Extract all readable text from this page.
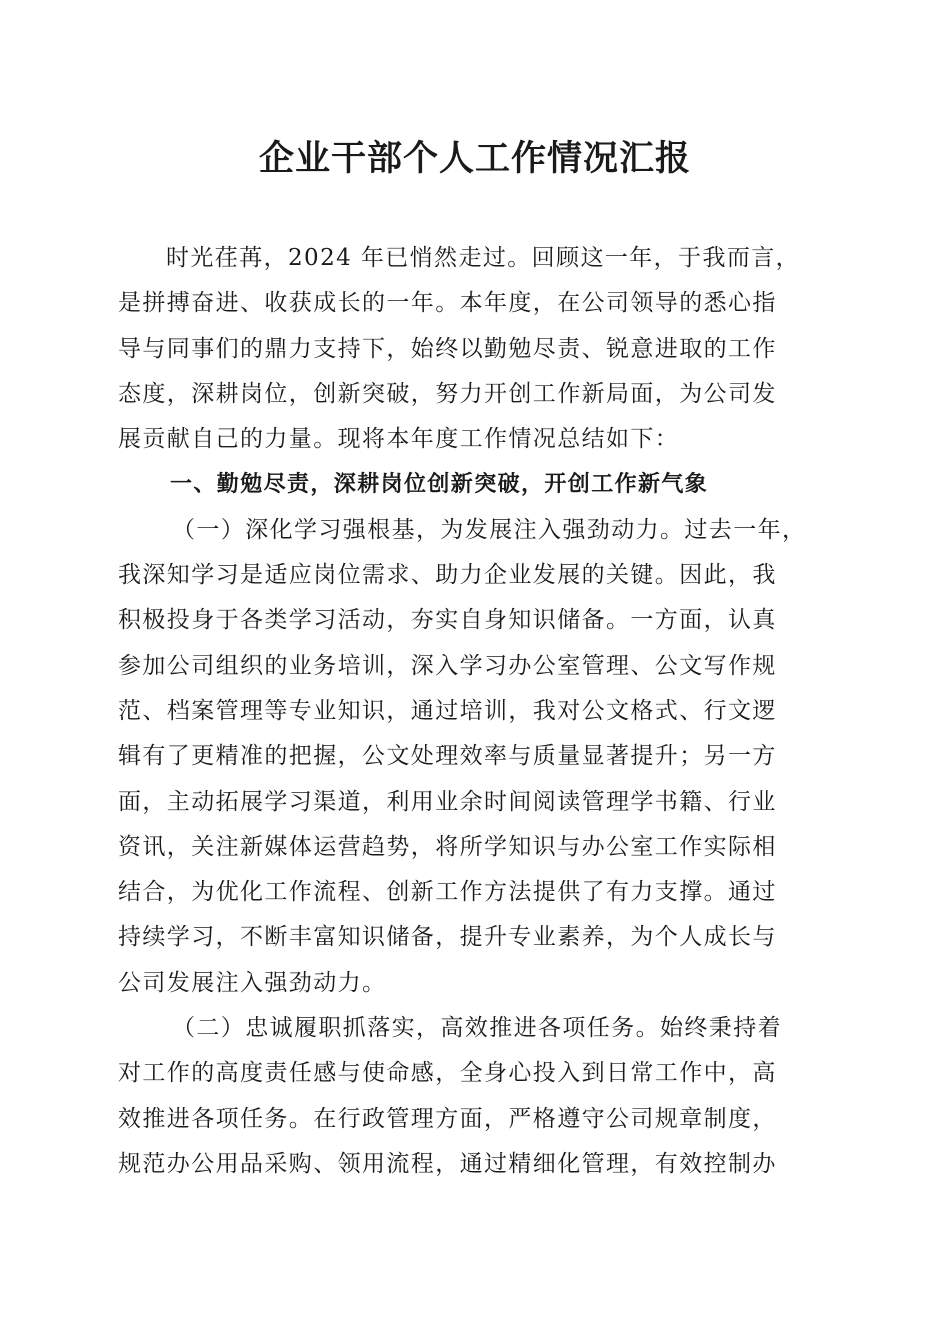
企业干部个人工作情况汇报
时光荏苒，2024 年已悄然走过。回顾这一年，于我而言，
是拼搏奋进、收获成长的一年。本年度，在公司领导的悉心指
导与同事们的鼎力支持下，始终以勤勉尽责、锐意进取的工作
态度，深耕岗位，创新突破，努力开创工作新局面，为公司发
展贡献自己的力量。现将本年度工作情况总结如下：
一、勤勉尽责，深耕岗位创新突破，开创工作新气象
（一）深化学习强根基，为发展注入强劲动力。过去一年，
我深知学习是适应岗位需求、助力企业发展的关键。因此，我
积极投身于各类学习活动，夯实自身知识储备。一方面，认真
参加公司组织的业务培训，深入学习办公室管理、公文写作规
范、档案管理等专业知识，通过培训，我对公文格式、行文逻
辑有了更精准的把握，公文处理效率与质量显著提升；另一方
面，主动拓展学习渠道，利用业余时间阅读管理学书籍、行业
资讯，关注新媒体运营趋势，将所学知识与办公室工作实际相
结合，为优化工作流程、创新工作方法提供了有力支撑。通过
持续学习，不断丰富知识储备，提升专业素养，为个人成长与
公司发展注入强劲动力。
（二）忠诚履职抓落实，高效推进各项任务。始终秉持着
对工作的高度责任感与使命感，全身心投入到日常工作中，高
效推进各项任务。在行政管理方面，严格遵守公司规章制度，
规范办公用品采购、领用流程，通过精细化管理，有效控制办
